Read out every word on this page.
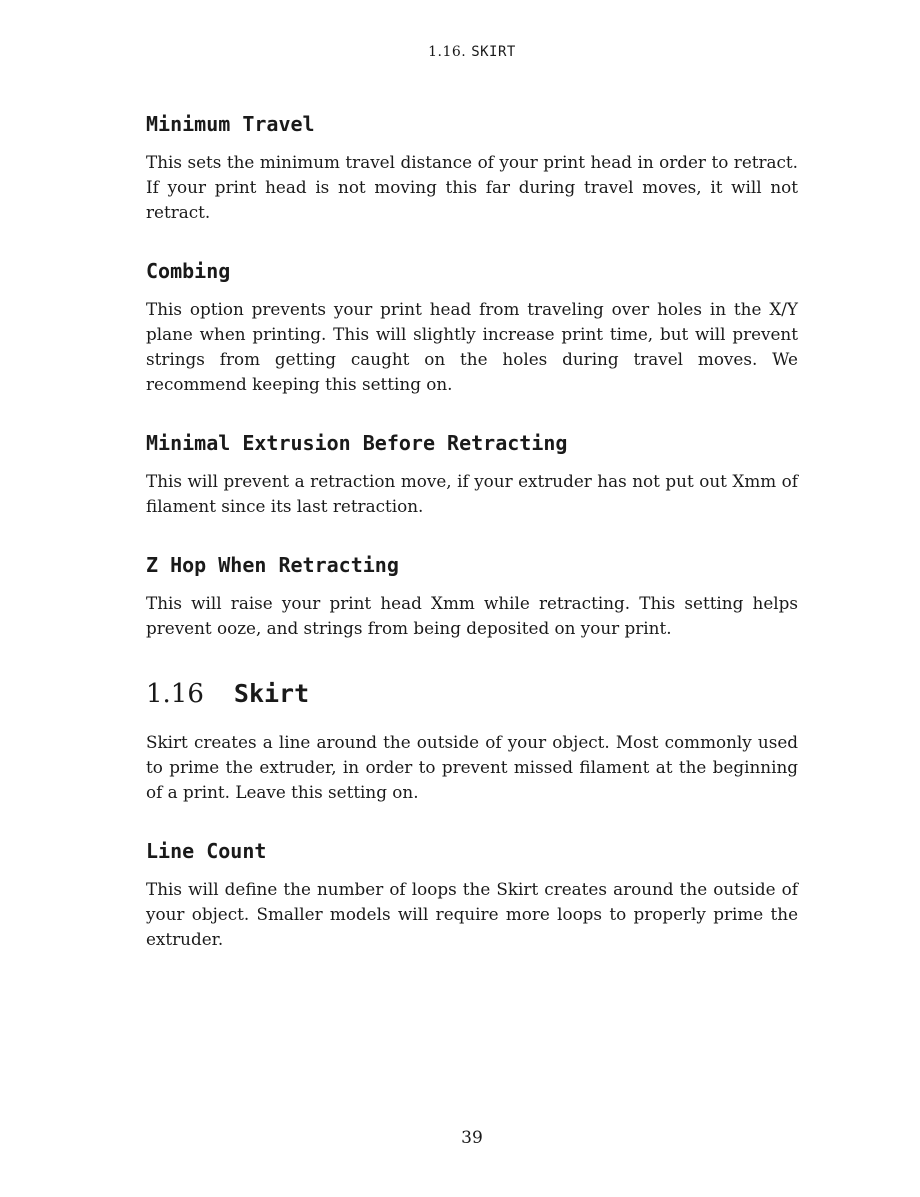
1.16. SKIRT
Minimum Travel

This sets the minimum travel distance of your print head in order to retract. If your print head is not moving this far during travel moves, it will not retract.

Combing

This option prevents your print head from traveling over holes in the X/Y plane when printing. This will slightly increase print time, but will prevent strings from getting caught on the holes during travel moves. We recommend keeping this setting on.

Minimal Extrusion Before Retracting

This will prevent a retraction move, if your extruder has not put out Xmm of filament since its last retraction.

Z Hop When Retracting

This will raise your print head Xmm while retracting. This setting helps prevent ooze, and strings from being deposited on your print.

1.16 Skirt

Skirt creates a line around the outside of your object. Most commonly used to prime the extruder, in order to prevent missed filament at the beginning of a print. Leave this setting on.

Line Count

This will define the number of loops the Skirt creates around the outside of your object. Smaller models will require more loops to properly prime the extruder.

39
